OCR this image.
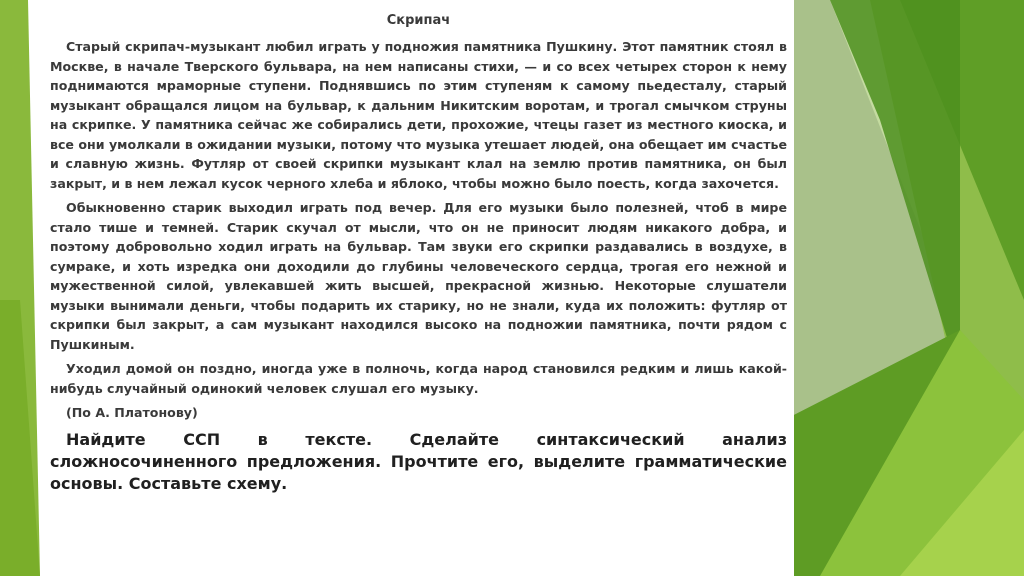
Скрипач

Старый скрипач-музыкант любил играть у подножия памятника Пушкину. Этот памятник стоял в Москве, в начале Тверского бульвара, на нем написаны стихи, — и со всех четырех сторон к нему поднимаются мраморные ступени. Поднявшись по этим ступеням к самому пьедесталу, старый музыкант обращался лицом на бульвар, к дальним Никитским воротам, и трогал смычком струны на скрипке. У памятника сейчас же собирались дети, прохожие, чтецы газет из местного киоска, и все они умолкали в ожидании музыки, потому что музыка утешает людей, она обещает им счастье и славную жизнь. Футляр от своей скрипки музыкант клал на землю против памятника, он был закрыт, и в нем лежал кусок черного хлеба и яблоко, чтобы можно было поесть, когда захочется.

Обыкновенно старик выходил играть под вечер. Для его музыки было полезней, чтоб в мире стало тише и темней. Старик скучал от мысли, что он не приносит людям никакого добра, и поэтому добровольно ходил играть на бульвар. Там звуки его скрипки раздавались в воздухе, в сумраке, и хоть изредка они доходили до глубины человеческого сердца, трогая его нежной и мужественной силой, увлекавшей жить высшей, прекрасной жизнью. Некоторые слушатели музыки вынимали деньги, чтобы подарить их старику, но не знали, куда их положить: футляр от скрипки был закрыт, а сам музыкант находился высоко на подножии памятника, почти рядом с Пушкиным.

Уходил домой он поздно, иногда уже в полночь, когда народ становился редким и лишь какой-нибудь случайный одинокий человек слушал его музыку.

(По А. Платонову)

Найдите ССП в тексте. Сделайте синтаксический анализ сложносочиненного предложения. Прочтите его, выделите грамматические основы. Составьте схему.
